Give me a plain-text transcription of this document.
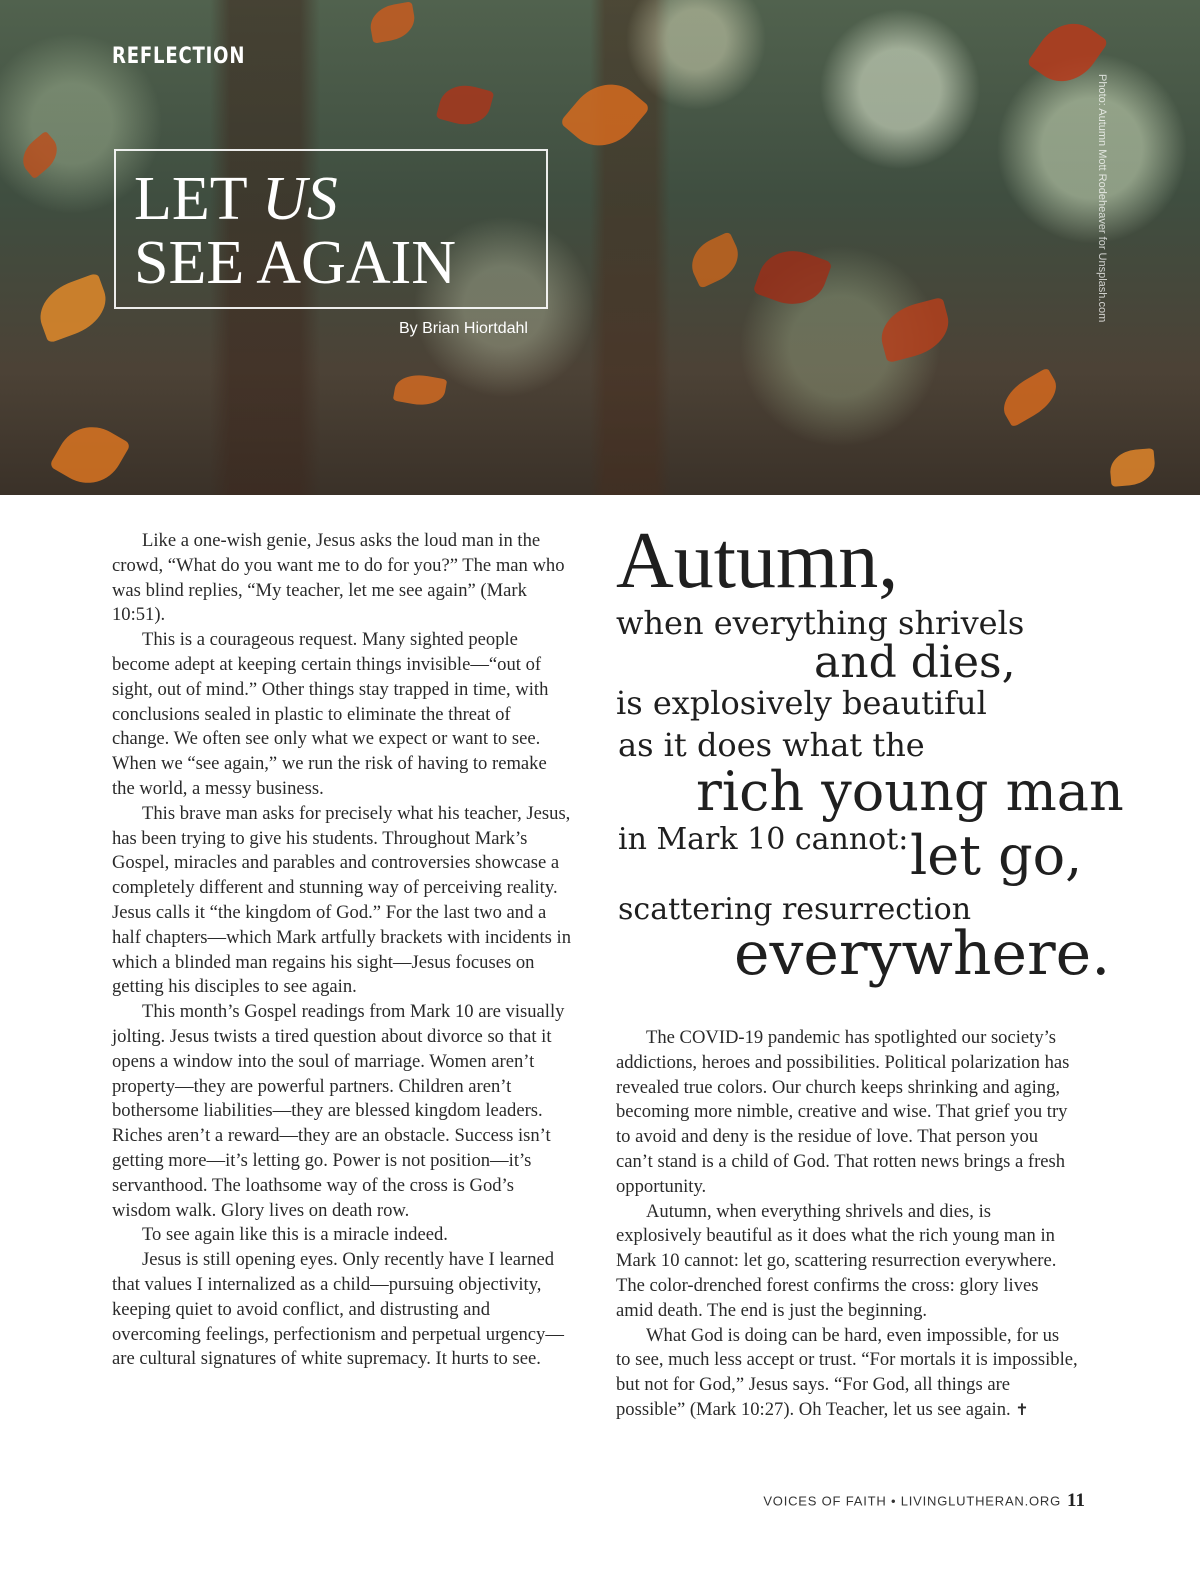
REFLECTION
LET US
SEE AGAIN

By Brian Hiortdahl

Photo: Autumn Mott Rodeheaver for Unsplash.com

Like a one-wish genie, Jesus asks the loud man in the crowd, “What do you want me to do for you?” The man who was blind replies, “My teacher, let me see again” (Mark 10:51).

This is a courageous request. Many sighted people become adept at keeping certain things invisible—“out of sight, out of mind.” Other things stay trapped in time, with conclusions sealed in plastic to eliminate the threat of change. We often see only what we expect or want to see. When we “see again,” we run the risk of having to remake the world, a messy business.

This brave man asks for precisely what his teacher, Jesus, has been trying to give his students. Throughout Mark’s Gospel, miracles and parables and controversies showcase a completely different and stunning way of perceiving reality. Jesus calls it “the kingdom of God.” For the last two and a half chapters—which Mark artfully brackets with incidents in which a blinded man regains his sight—Jesus focuses on getting his disciples to see again.

This month’s Gospel readings from Mark 10 are visually jolting. Jesus twists a tired question about divorce so that it opens a window into the soul of marriage. Women aren’t property—they are powerful partners. Children aren’t bothersome liabilities—they are blessed kingdom leaders. Riches aren’t a reward—they are an obstacle. Success isn’t getting more—it’s letting go. Power is not position—it’s servanthood. The loathsome way of the cross is God’s wisdom walk. Glory lives on death row.

To see again like this is a miracle indeed.

Jesus is still opening eyes. Only recently have I learned that values I internalized as a child—pursuing objectivity, keeping quiet to avoid conflict, and distrusting and overcoming feelings, perfectionism and perpetual urgency—are cultural signatures of white supremacy. It hurts to see.

Autumn,

when everything shrivels

and dies,

is explosively beautiful

as it does what the

rich young man

in Mark 10 cannot: let go,

scattering resurrection

everywhere.

The COVID-19 pandemic has spotlighted our society’s addictions, heroes and possibilities. Political polarization has revealed true colors. Our church keeps shrinking and aging, becoming more nimble, creative and wise. That grief you try to avoid and deny is the residue of love. That person you can’t stand is a child of God. That rotten news brings a fresh opportunity.

Autumn, when everything shrivels and dies, is explosively beautiful as it does what the rich young man in Mark 10 cannot: let go, scattering resurrection everywhere. The color-drenched forest confirms the cross: glory lives amid death. The end is just the beginning.

What God is doing can be hard, even impossible, for us to see, much less accept or trust. “For mortals it is impossible, but not for God,” Jesus says. “For God, all things are possible” (Mark 10:27). Oh Teacher, let us see again. ✝

VOICES OF FAITH • LIVINGLUTHERAN.ORG 11
